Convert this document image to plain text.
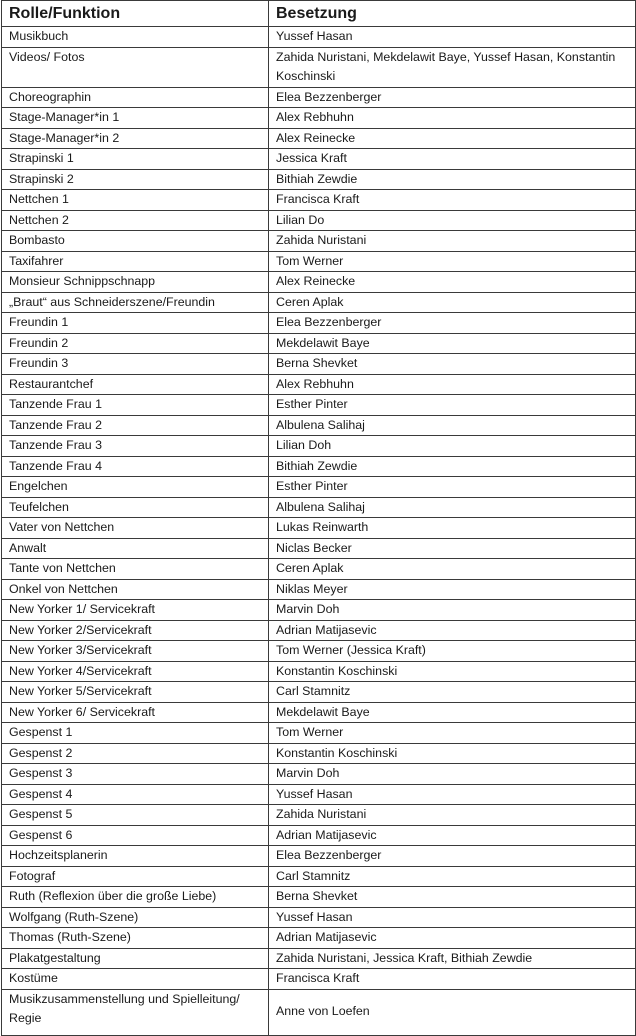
Rolle/Funktion	Besetzung
Musikbuch	Yussef Hasan
Videos/ Fotos	Zahida Nuristani, Mekdelawit Baye, Yussef Hasan, Konstantin Koschinski
Choreographin	Elea Bezzenberger
Stage-Manager*in 1	Alex Rebhuhn
Stage-Manager*in 2	Alex Reinecke
Strapinski 1	Jessica Kraft
Strapinski 2	Bithiah Zewdie
Nettchen 1	Francisca Kraft
Nettchen 2	Lilian Do
Bombasto	Zahida Nuristani
Taxifahrer	Tom Werner
Monsieur Schnippschnapp	Alex Reinecke
„Braut“ aus Schneiderszene/Freundin	Ceren Aplak
Freundin 1	Elea Bezzenberger
Freundin 2	Mekdelawit Baye
Freundin 3	Berna Shevket
Restaurantchef	Alex Rebhuhn
Tanzende Frau 1	Esther Pinter
Tanzende Frau 2	Albulena Salihaj
Tanzende Frau 3	Lilian Doh
Tanzende Frau 4	Bithiah Zewdie
Engelchen	Esther Pinter
Teufelchen	Albulena Salihaj
Vater von Nettchen	Lukas Reinwarth
Anwalt	Niclas Becker
Tante von Nettchen	Ceren Aplak
Onkel von Nettchen	Niklas Meyer
New Yorker 1/ Servicekraft	Marvin Doh
New Yorker 2/Servicekraft	Adrian Matijasevic
New Yorker 3/Servicekraft	Tom Werner (Jessica Kraft)
New Yorker 4/Servicekraft	Konstantin Koschinski
New Yorker 5/Servicekraft	Carl Stamnitz
New Yorker 6/ Servicekraft	Mekdelawit Baye
Gespenst 1	Tom Werner
Gespenst 2	Konstantin Koschinski
Gespenst 3	Marvin Doh
Gespenst 4	Yussef Hasan
Gespenst 5	Zahida Nuristani
Gespenst 6	Adrian Matijasevic
Hochzeitsplanerin	Elea Bezzenberger
Fotograf	Carl Stamnitz
Ruth (Reflexion über die große Liebe)	Berna Shevket
Wolfgang (Ruth-Szene)	Yussef Hasan
Thomas (Ruth-Szene)	Adrian Matijasevic
Plakatgestaltung	Zahida Nuristani, Jessica Kraft, Bithiah Zewdie
Kostüme	Francisca Kraft
Musikzusammenstellung und Spielleitung/ Regie	Anne von Loefen
